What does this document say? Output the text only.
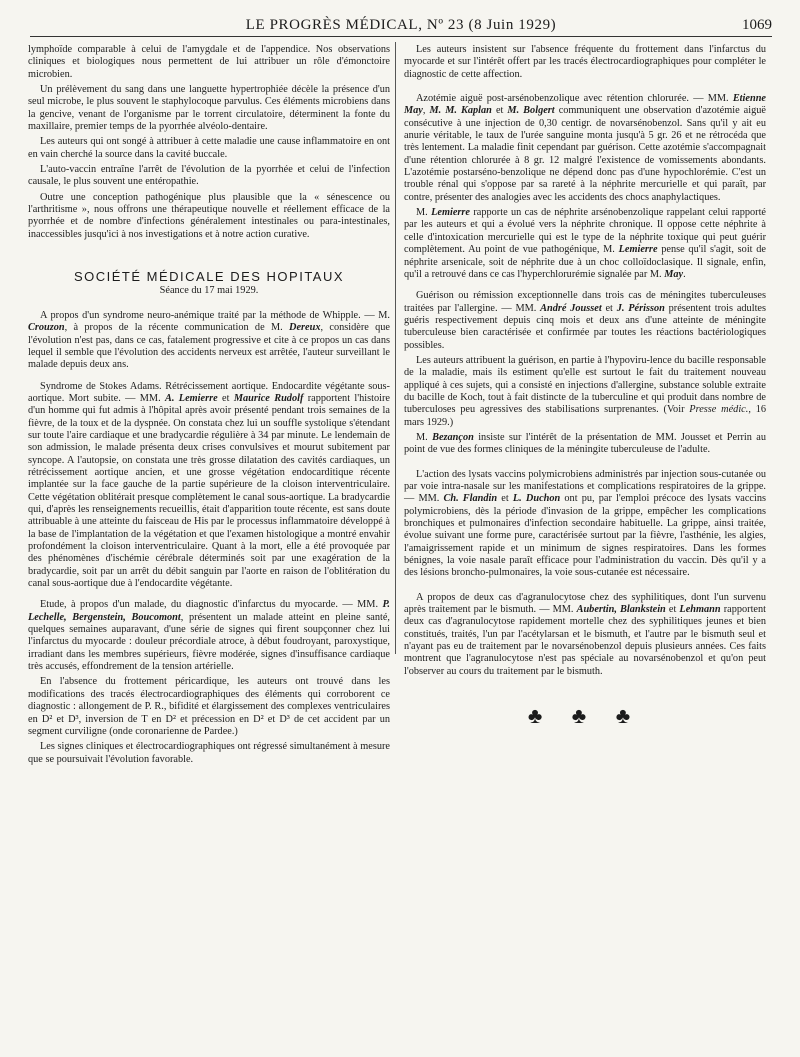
LE PROGRÈS MÉDICAL, Nº 23 (8 Juin 1929)	1069

lymphoïde comparable à celui de l'amygdale et de l'appendice. Nos observations cliniques et biologiques nous permettent de lui attribuer un rôle d'émonctoire microbien.

Un prélèvement du sang dans une languette hypertrophiée décèle la présence d'un seul microbe, le plus souvent le staphylocoque parvulus. Ces éléments microbiens dans la gencive, venant de l'organisme par le torrent circulatoire, déterminent la fonte du maxillaire, premier temps de la pyorrhée alvéolo-dentaire.

Les auteurs qui ont songé à attribuer à cette maladie une cause inflammatoire en ont en vain cherché la source dans la cavité buccale.

L'auto-vaccin entraîne l'arrêt de l'évolution de la pyorrhée et celui de l'infection causale, le plus souvent une entéropathie.

Outre une conception pathogénique plus plausible que la « sénescence ou l'arthritisme », nous offrons une thérapeutique nouvelle et réellement efficace de la pyorrhée et de nombre d'infections généralement intestinales ou para-intestinales, inaccessibles jusqu'ici à nos investigations et à notre action curative.

SOCIÉTÉ MÉDICALE DES HOPITAUX
Séance du 17 mai 1929.

A propos d'un syndrome neuro-anémique traité par la méthode de Whipple. — M. Crouzon, à propos de la récente communication de M. Dereux, considère que l'évolution n'est pas, dans ce cas, fatalement progressive et cite à ce propos un cas dans lequel il semble que l'évolution des accidents nerveux est arrêtée, l'auteur surveillant le malade depuis deux ans.

Syndrome de Stokes Adams. Rétrécissement aortique. Endocardite végétante sous-aortique. Mort subite. — MM. A. Lemierre et Maurice Rudolf rapportent l'histoire d'un homme qui fut admis à l'hôpital après avoir présenté pendant trois semaines de la fièvre, de la toux et de la dyspnée. On constata chez lui un souffle systolique s'étendant sur toute l'aire cardiaque et une bradycardie régulière à 34 par minute. Le lendemain de son admission, le malade présenta deux crises convulsives et mourut subitement par syncope. A l'autopsie, on constata une très grosse dilatation des cavités cardiaques, un rétrécissement aortique ancien, et une grosse végétation endocarditique récente implantée sur la face gauche de la partie supérieure de la cloison interventriculaire. Cette végétation oblitérait presque complètement le canal sous-aortique. La bradycardie qui, d'après les renseignements recueillis, était d'apparition toute récente, est sans doute attribuable à une atteinte du faisceau de His par le processus inflammatoire développé à la base de l'implantation de la végétation et que l'examen histologique a montré envahir profondément la cloison interventriculaire. Quant à la mort, elle a été provoquée par des phénomènes d'ischémie cérébrale déterminés soit par une exagération de la bradycardie, soit par un arrêt du débit sanguin par l'aorte en raison de l'oblitération du canal sous-aortique due à l'endocardite végétante.

Etude, à propos d'un malade, du diagnostic d'infarctus du myocarde. — MM. P. Lechelle, Bergenstein, Boucomont, présentent un malade atteint en pleine santé, quelques semaines auparavant, d'une série de signes qui firent soupçonner chez lui l'infarctus du myocarde : douleur précordiale atroce, à début foudroyant, paroxystique, irradiant dans les membres supérieurs, fièvre modérée, signes d'insuffisance cardiaque très accusés, effondrement de la tension artérielle.

En l'absence du frottement péricardique, les auteurs ont trouvé dans les modifications des tracés électrocardiographiques des éléments qui corroborent ce diagnostic : allongement de P. R., bifidité et élargissement des complexes ventriculaires en D² et D³, inversion de T en D² et précession en D² et D³ de cet accident par un segment curviligne (onde coronarienne de Pardee.)

Les signes cliniques et électrocardiographiques ont régressé simultanément à mesure que se poursuivait l'évolution favorable.

Les auteurs insistent sur l'absence fréquente du frottement dans l'infarctus du myocarde et sur l'intérêt offert par les tracés électrocardiographiques pour compléter le diagnostic de cette affection.

Azotémie aiguë post-arsénobenzolique avec rétention chlorurée. — MM. Etienne May, M. M. Kaplan et M. Bolgert communiquent une observation d'azotémie aiguë consécutive à une injection de 0,30 centigr. de novarsénobenzol. Sans qu'il y ait eu anurie véritable, le taux de l'urée sanguine monta jusqu'à 5 gr. 26 et ne rétrocéda que très lentement. La maladie finit cependant par guérison. Cette azotémie s'accompagnait d'une rétention chlorurée à 8 gr. 12 malgré l'existence de vomissements abondants. L'azotémie postarséno-benzolique ne dépend donc pas d'une hypochlorémie. C'est un trouble rénal qui s'oppose par sa rareté à la néphrite mercurielle et qui paraît, par contre, présenter des analogies avec les accidents des chocs anaphylactiques.

M. Lemierre rapporte un cas de néphrite arsénobenzolique rappelant celui rapporté par les auteurs et qui a évolué vers la néphrite chronique. Il oppose cette néphrite à celle d'intoxication mercurielle qui est le type de la néphrite toxique qui peut guérir complètement. Au point de vue pathogénique, M. Lemierre pense qu'il s'agit, soit de néphrite arsenicale, soit de néphrite due à un choc colloïdoclasique. Il signale, enfin, qu'il a retrouvé dans ce cas l'hyperchlorurémie signalée par M. May.

Guérison ou rémission exceptionnelle dans trois cas de méningites tuberculeuses traitées par l'allergine. — MM. André Jousset et J. Périsson présentent trois adultes guéris respectivement depuis cinq mois et deux ans d'une atteinte de méningite tuberculeuse bien caractérisée et confirmée par toutes les réactions bactériologiques possibles.

Les auteurs attribuent la guérison, en partie à l'hypoviru-lence du bacille responsable de la maladie, mais ils estiment qu'elle est surtout le fait du traitement nouveau appliqué à ces sujets, qui a consisté en injections d'allergine, substance soluble extraite du bacille de Koch, tout à fait distincte de la tuberculine et qui produit dans nombre de tuberculoses peu agressives des stabilisations surprenantes. (Voir Presse médic., 16 mars 1929.)

M. Bezançon insiste sur l'intérêt de la présentation de MM. Jousset et Perrin au point de vue des formes cliniques de la méningite tuberculeuse de l'adulte.

L'action des lysats vaccins polymicrobiens administrés par injection sous-cutanée ou par voie intra-nasale sur les manifestations et complications respiratoires de la grippe. — MM. Ch. Flandin et L. Duchon ont pu, par l'emploi précoce des lysats vaccins polymicrobiens, dès la période d'invasion de la grippe, empêcher les complications bronchiques et pulmonaires d'infection secondaire habituelle. La grippe, ainsi traitée, évolue suivant une forme pure, caractérisée surtout par la fièvre, l'asthénie, les algies, l'amaigrissement rapide et un minimum de signes respiratoires. Dans les formes bénignes, la voie nasale paraît efficace pour l'administration du vaccin. Dès qu'il y a des lésions broncho-pulmonaires, la voie sous-cutanée est nécessaire.

A propos de deux cas d'agranulocytose chez des syphilitiques, dont l'un survenu après traitement par le bismuth. — MM. Aubertin, Blankstein et Lehmann rapportent deux cas d'agranulocytose rapidement mortelle chez des syphilitiques jeunes et bien constitués, traités, l'un par l'acétylarsan et le bismuth, et l'autre par le bismuth seul et n'ayant pas eu de traitement par le novarsénobenzol depuis plusieurs années. Ces faits montrent que l'agranulocytose n'est pas spéciale au novarsénobenzol et qu'on peut l'observer au cours du traitement par le bismuth.

♣ ♣ ♣
